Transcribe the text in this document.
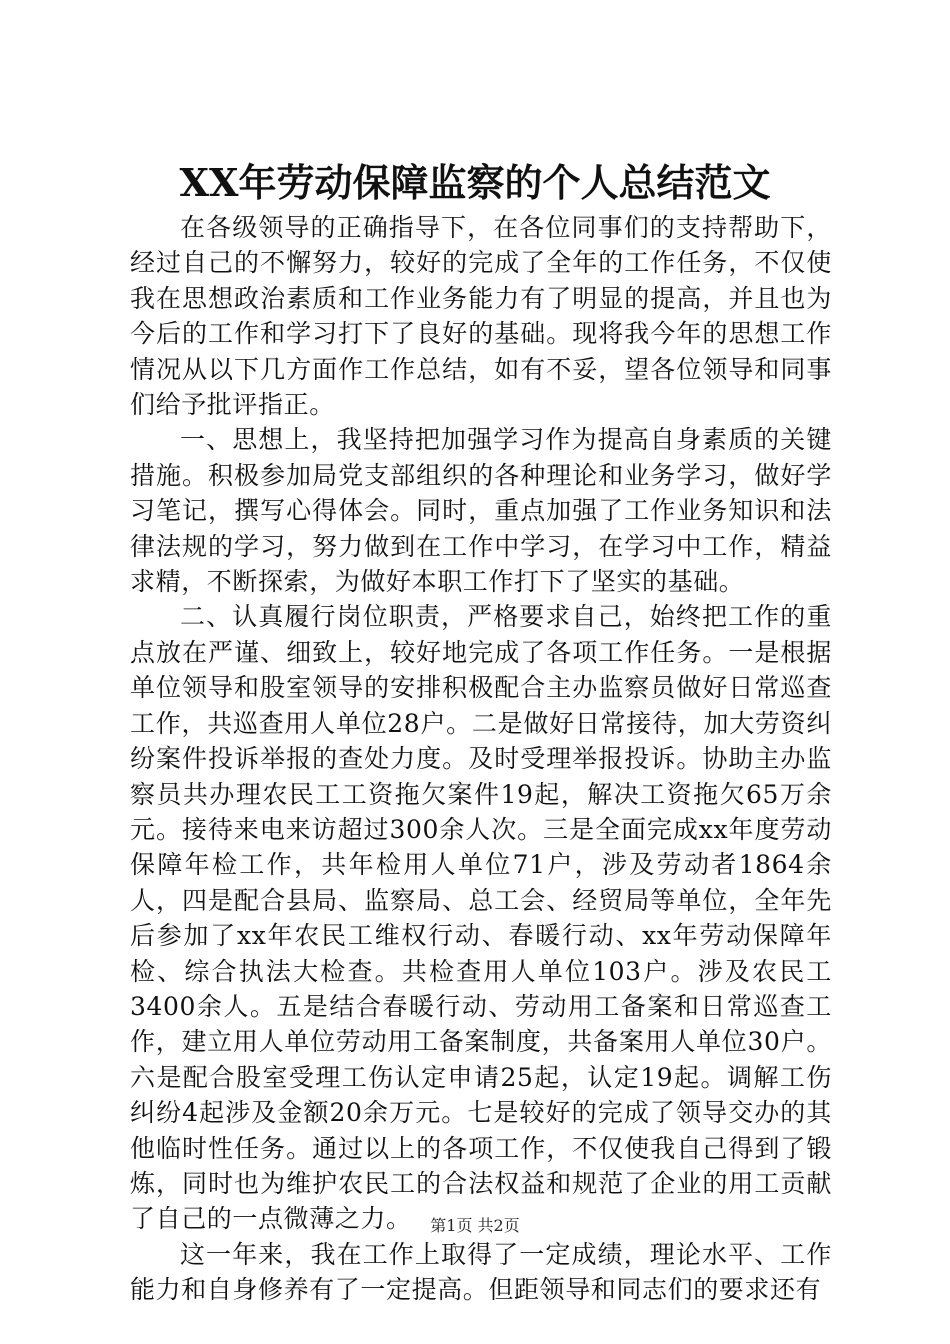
XX年劳动保障监察的个人总结范文

在各级领导的正确指导下，在各位同事们的支持帮助下，经过自己的不懈努力，较好的完成了全年的工作任务，不仅使我在思想政治素质和工作业务能力有了明显的提高，并且也为今后的工作和学习打下了良好的基础。现将我今年的思想工作情况从以下几方面作工作总结，如有不妥，望各位领导和同事们给予批评指正。

一、思想上，我坚持把加强学习作为提高自身素质的关键措施。积极参加局党支部组织的各种理论和业务学习，做好学习笔记，撰写心得体会。同时，重点加强了工作业务知识和法律法规的学习，努力做到在工作中学习，在学习中工作，精益求精，不断探索，为做好本职工作打下了坚实的基础。

二、认真履行岗位职责，严格要求自己，始终把工作的重点放在严谨、细致上，较好地完成了各项工作任务。一是根据单位领导和股室领导的安排积极配合主办监察员做好日常巡查工作，共巡查用人单位28户。二是做好日常接待，加大劳资纠纷案件投诉举报的查处力度。及时受理举报投诉。协助主办监察员共办理农民工工资拖欠案件19起，解决工资拖欠65万余元。接待来电来访超过300余人次。三是全面完成xx年度劳动保障年检工作，共年检用人单位71户，涉及劳动者1864余人，四是配合县局、监察局、总工会、经贸局等单位，全年先后参加了xx年农民工维权行动、春暖行动、xx年劳动保障年检、综合执法大检查。共检查用人单位103户。涉及农民工3400余人。五是结合春暖行动、劳动用工备案和日常巡查工作，建立用人单位劳动用工备案制度，共备案用人单位30户。六是配合股室受理工伤认定申请25起，认定19起。调解工伤纠纷4起涉及金额20余万元。七是较好的完成了领导交办的其他临时性任务。通过以上的各项工作，不仅使我自己得到了锻炼，同时也为维护农民工的合法权益和规范了企业的用工贡献了自己的一点微薄之力。

这一年来，我在工作上取得了一定成绩，理论水平、工作能力和自身修养有了一定提高。但距领导和同志们的要求还有

第1页 共2页
